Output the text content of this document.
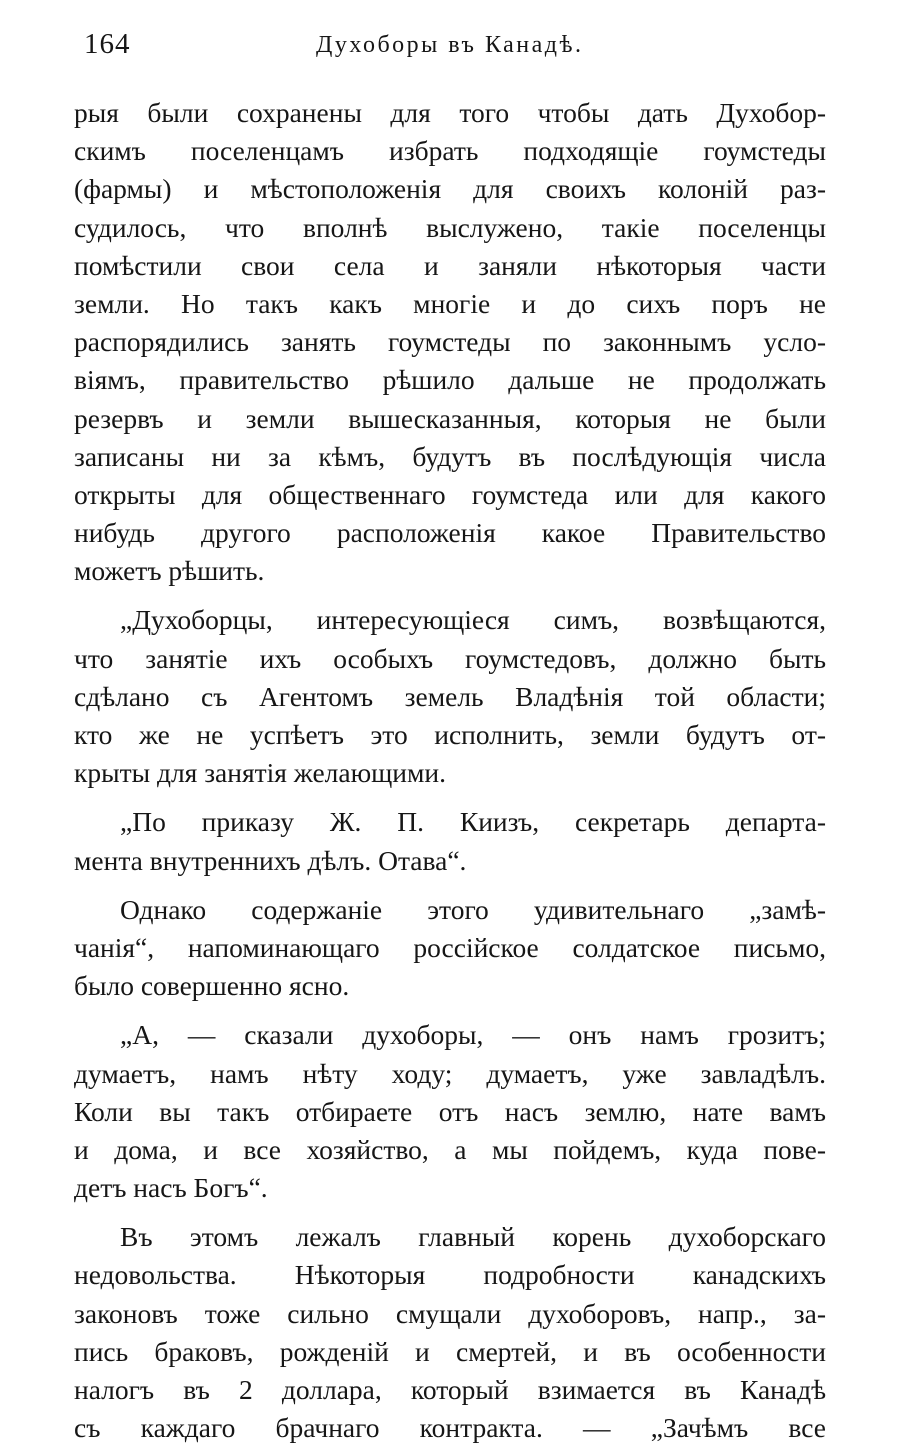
164	Духоборы въ Канадѣ.
рыя были сохранены для того чтобы дать Духобор-
скимъ поселенцамъ избрать подходящіе гоумстеды
(фармы) и мѣстоположенія для своихъ колоній раз-
судилось, что вполнѣ выслужено, такіе поселенцы
помѣстили свои села и заняли нѣкоторыя части
земли. Но такъ какъ многіе и до сихъ поръ не
распорядились занять гоумстеды по законнымъ усло-
віямъ, правительство рѣшило дальше не продолжать
резервъ и земли вышесказанныя, которыя не были
записаны ни за кѣмъ, будутъ въ послѣдующія числа
открыты для общественнаго гоумстеда или для какого
нибудь другого расположенія какое Правительство
можетъ рѣшить.
„Духоборцы, интересующіеся симъ, возвѣщаются,
что занятіе ихъ особыхъ гоумстедовъ, должно быть
сдѣлано съ Агентомъ земель Владѣнія той области;
кто же не успѣетъ это исполнить, земли будутъ от-
крыты для занятія желающими.
„По приказу Ж. П. Киизъ, секретарь департа-
мента внутреннихъ дѣлъ. Отава“.
Однако содержаніе этого удивительнаго „замѣ-
чанія“, напоминающаго россійское солдатское письмо,
было совершенно ясно.
„А, — сказали духоборы, — онъ намъ грозитъ;
думаетъ, намъ нѣту ходу; думаетъ, уже завладѣлъ.
Коли вы такъ отбираете отъ насъ землю, нате вамъ
и дома, и все хозяйство, а мы пойдемъ, куда пове-
детъ насъ Богъ“.
Въ этомъ лежалъ главный корень духоборскаго
недовольства. Нѣкоторыя подробности канадскихъ
законовъ тоже сильно смущали духоборовъ, напр., за-
пись браковъ, рожденій и смертей, и въ особенности
налогъ въ 2 доллара, который взимается въ Канадѣ
съ каждаго брачнаго контракта. — „Зачѣмъ все
